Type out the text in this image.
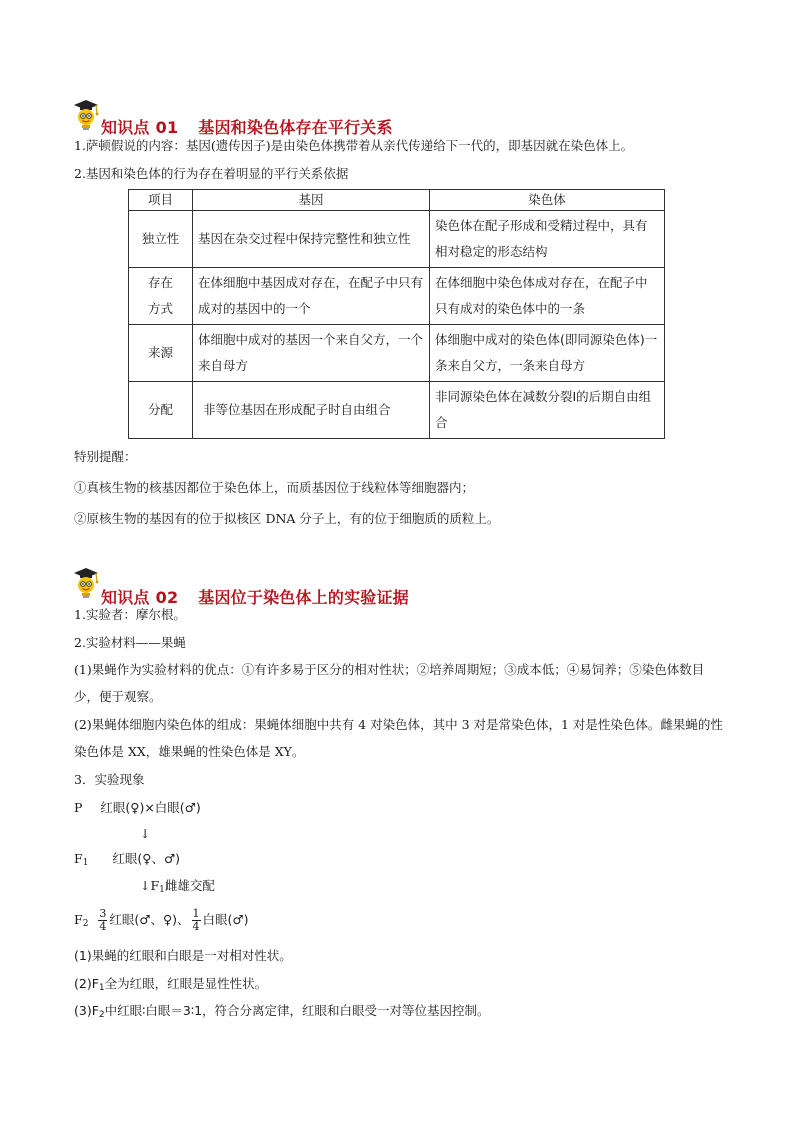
知识点 01 基因和染色体存在平行关系
1.萨顿假说的内容：基因(遗传因子)是由染色体携带着从亲代传递给下一代的，即基因就在染色体上。
2.基因和染色体的行为存在着明显的平行关系依据
项目	基因	染色体
独立性	基因在杂交过程中保持完整性和独立性	染色体在配子形成和受精过程中，具有相对稳定的形态结构
存在方式	在体细胞中基因成对存在，在配子中只有成对的基因中的一个	在体细胞中染色体成对存在，在配子中只有成对的染色体中的一条
来源	体细胞中成对的基因一个来自父方，一个来自母方	体细胞中成对的染色体(即同源染色体)一条来自父方，一条来自母方
分配	非等位基因在形成配子时自由组合	非同源染色体在减数分裂Ⅰ的后期自由组合
特别提醒：
①真核生物的核基因都位于染色体上，而质基因位于线粒体等细胞器内；
②原核生物的基因有的位于拟核区 DNA 分子上，有的位于细胞质的质粒上。
知识点 02 基因位于染色体上的实验证据
1.实验者：摩尔根。
2.实验材料——果蝇
(1)果蝇作为实验材料的优点：①有许多易于区分的相对性状；②培养周期短；③成本低；④易饲养；⑤染色体数目少，便于观察。
(2)果蝇体细胞内染色体的组成：果蝇体细胞中共有 4 对染色体，其中 3 对是常染色体，1 对是性染色体。雌果蝇的性染色体是 XX，雄果蝇的性染色体是 XY。
3．实验现象
P 红眼(♀)×白眼(♂)
↓
$F_1$ 红眼(♀、♂)
$↓F_1$雌雄交配
$F_2 \frac{3}{4}$ 红眼(♂、♀)、 $\frac{1}{4}$ 白眼(♂)
(1)果蝇的红眼和白眼是一对相对性状。
$(2)F_1$全为红眼，红眼是显性性状。
$(3)F_2$中红眼∶白眼＝3∶1，符合分离定律，红眼和白眼受一对等位基因控制。
